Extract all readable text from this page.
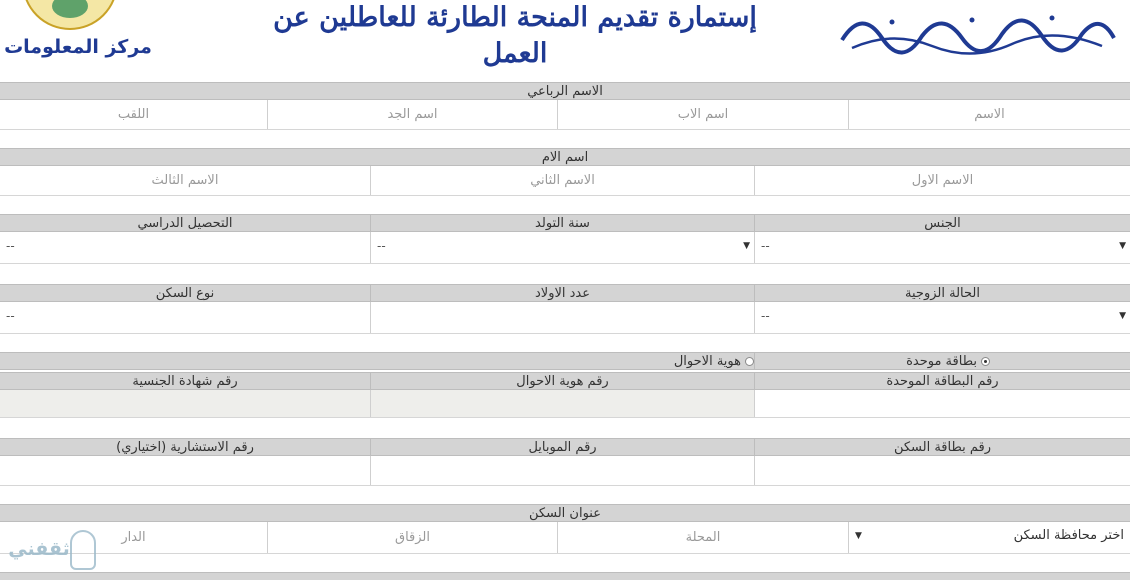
إستمارة تقديم المنحة الطارئة للعاطلين عن العمل
مركز المعلومات
الاسم الرباعي
الاسم
اسم الاب
اسم الجد
اللقب
اسم الام
الاسم الاول
الاسم الثاني
الاسم الثالث
الجنس
سنة التولد
التحصيل الدراسي
▼
--
▼
--
--
الحالة الزوجية
عدد الاولاد
نوع السكن
▼
--
--
بطاقة موحدة
هوية الاحوال
رقم البطاقة الموحدة
رقم هوية الاحوال
رقم شهادة الجنسية
رقم بطاقة السكن
رقم الموبايل
رقم الاستشارية (اختياري)
عنوان السكن
اختر محافظة السكن
▼
المحلة
الزقاق
الدار
ثقفني
